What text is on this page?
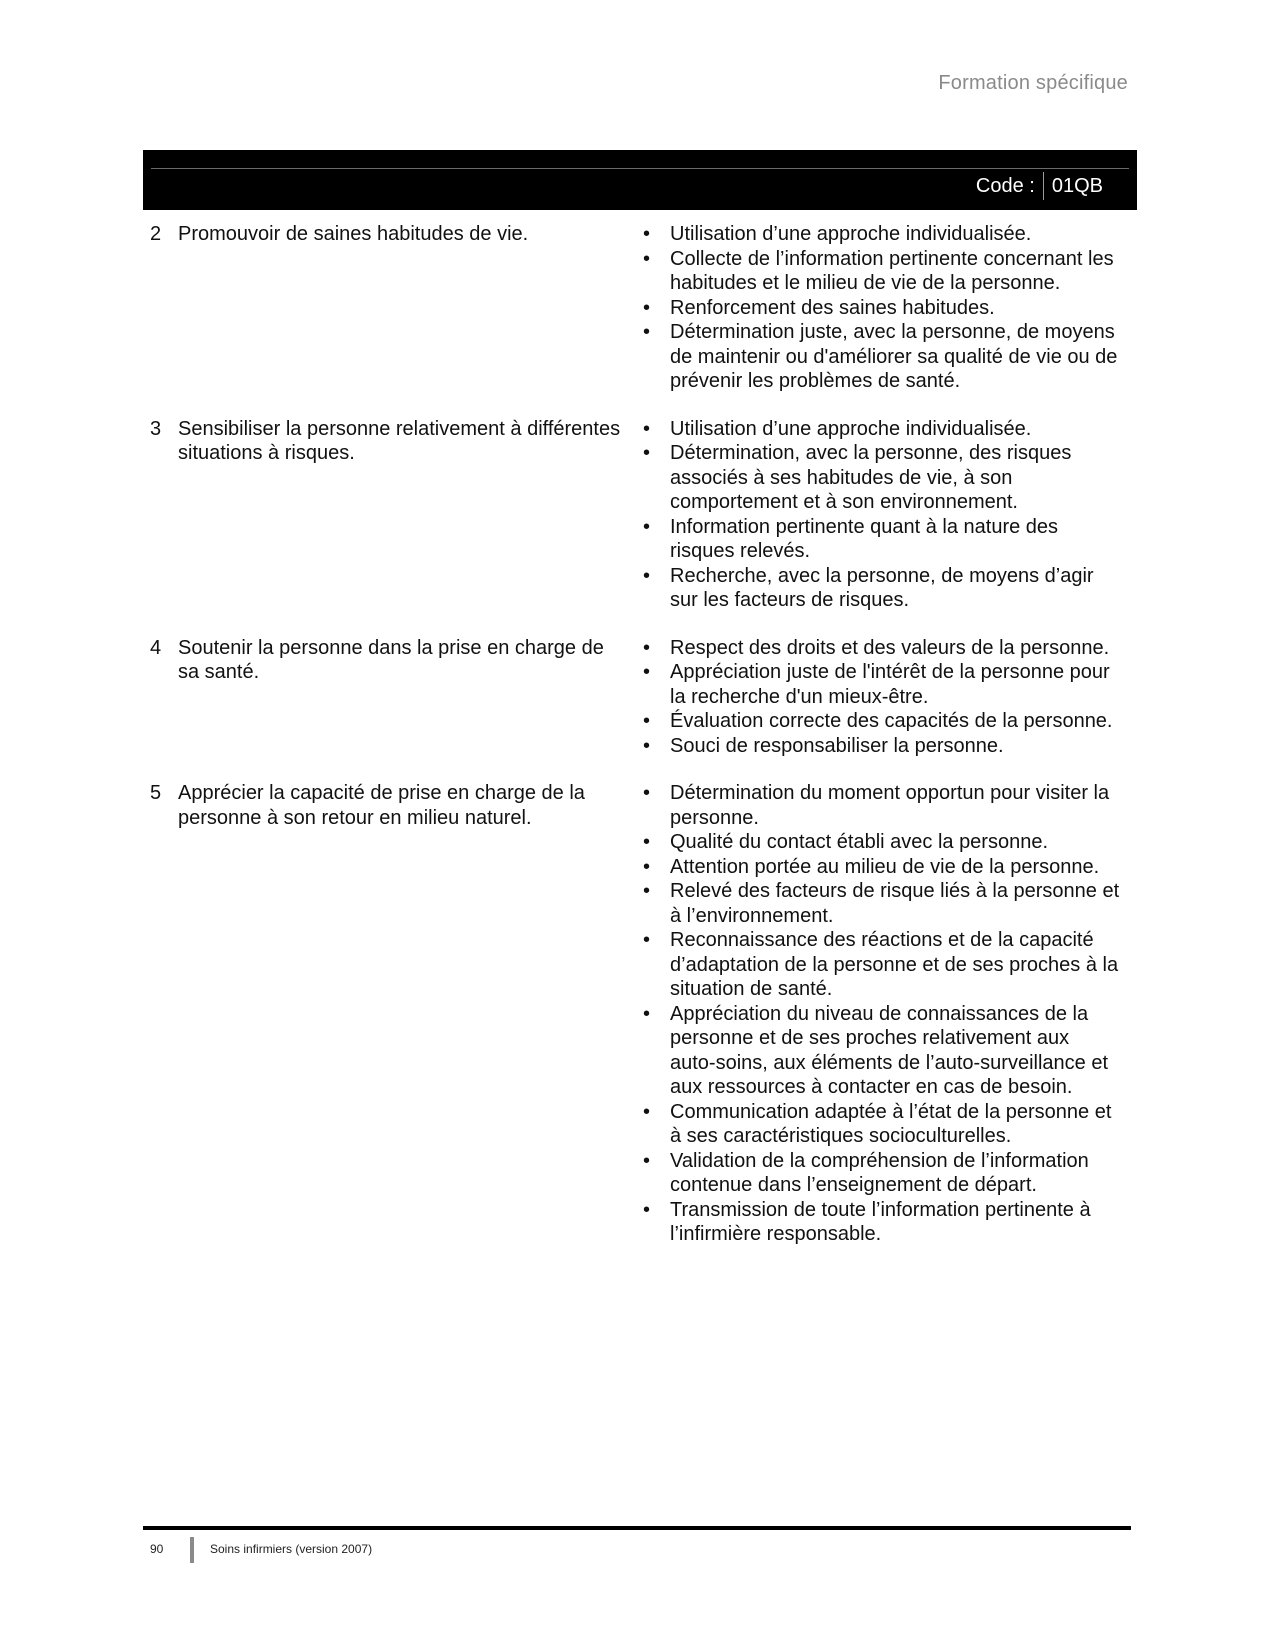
Formation spécifique
Code : 01QB
2 Promouvoir de saines habitudes de vie.
•	Utilisation d’une approche individualisée.
• Collecte de l’information pertinente concernant les habitudes et le milieu de vie de la personne.
• Renforcement des saines habitudes.
• Détermination juste, avec la personne, de moyens de maintenir ou d'améliorer sa qualité de vie ou de prévenir les problèmes de santé.
3 Sensibiliser la personne relativement à différentes situations à risques.
• Utilisation d’une approche individualisée.
• Détermination, avec la personne, des risques associés à ses habitudes de vie, à son comportement et à son environnement.
• Information pertinente quant à la nature des risques relevés.
• Recherche, avec la personne, de moyens d’agir sur les facteurs de risques.
4 Soutenir la personne dans la prise en charge de sa santé.
• Respect des droits et des valeurs de la personne.
• Appréciation juste de l'intérêt de la personne pour la recherche d'un mieux-être.
• Évaluation correcte des capacités de la personne.
• Souci de responsabiliser la personne.
5 Apprécier la capacité de prise en charge de la personne à son retour en milieu naturel.
• Détermination du moment opportun pour visiter la personne.
• Qualité du contact établi avec la personne.
• Attention portée au milieu de vie de la personne.
• Relevé des facteurs de risque liés à la personne et à l’environnement.
• Reconnaissance des réactions et de la capacité d’adaptation de la personne et de ses proches à la situation de santé.
• Appréciation du niveau de connaissances de la personne et de ses proches relativement aux auto-soins, aux éléments de l’auto-surveillance et aux ressources à contacter en cas de besoin.
• Communication adaptée à l’état de la personne et à ses caractéristiques socioculturelles.
• Validation de la compréhension de l’information contenue dans l’enseignement de départ.
• Transmission de toute l’information pertinente à l’infirmière responsable.
90	Soins infirmiers (version 2007)
